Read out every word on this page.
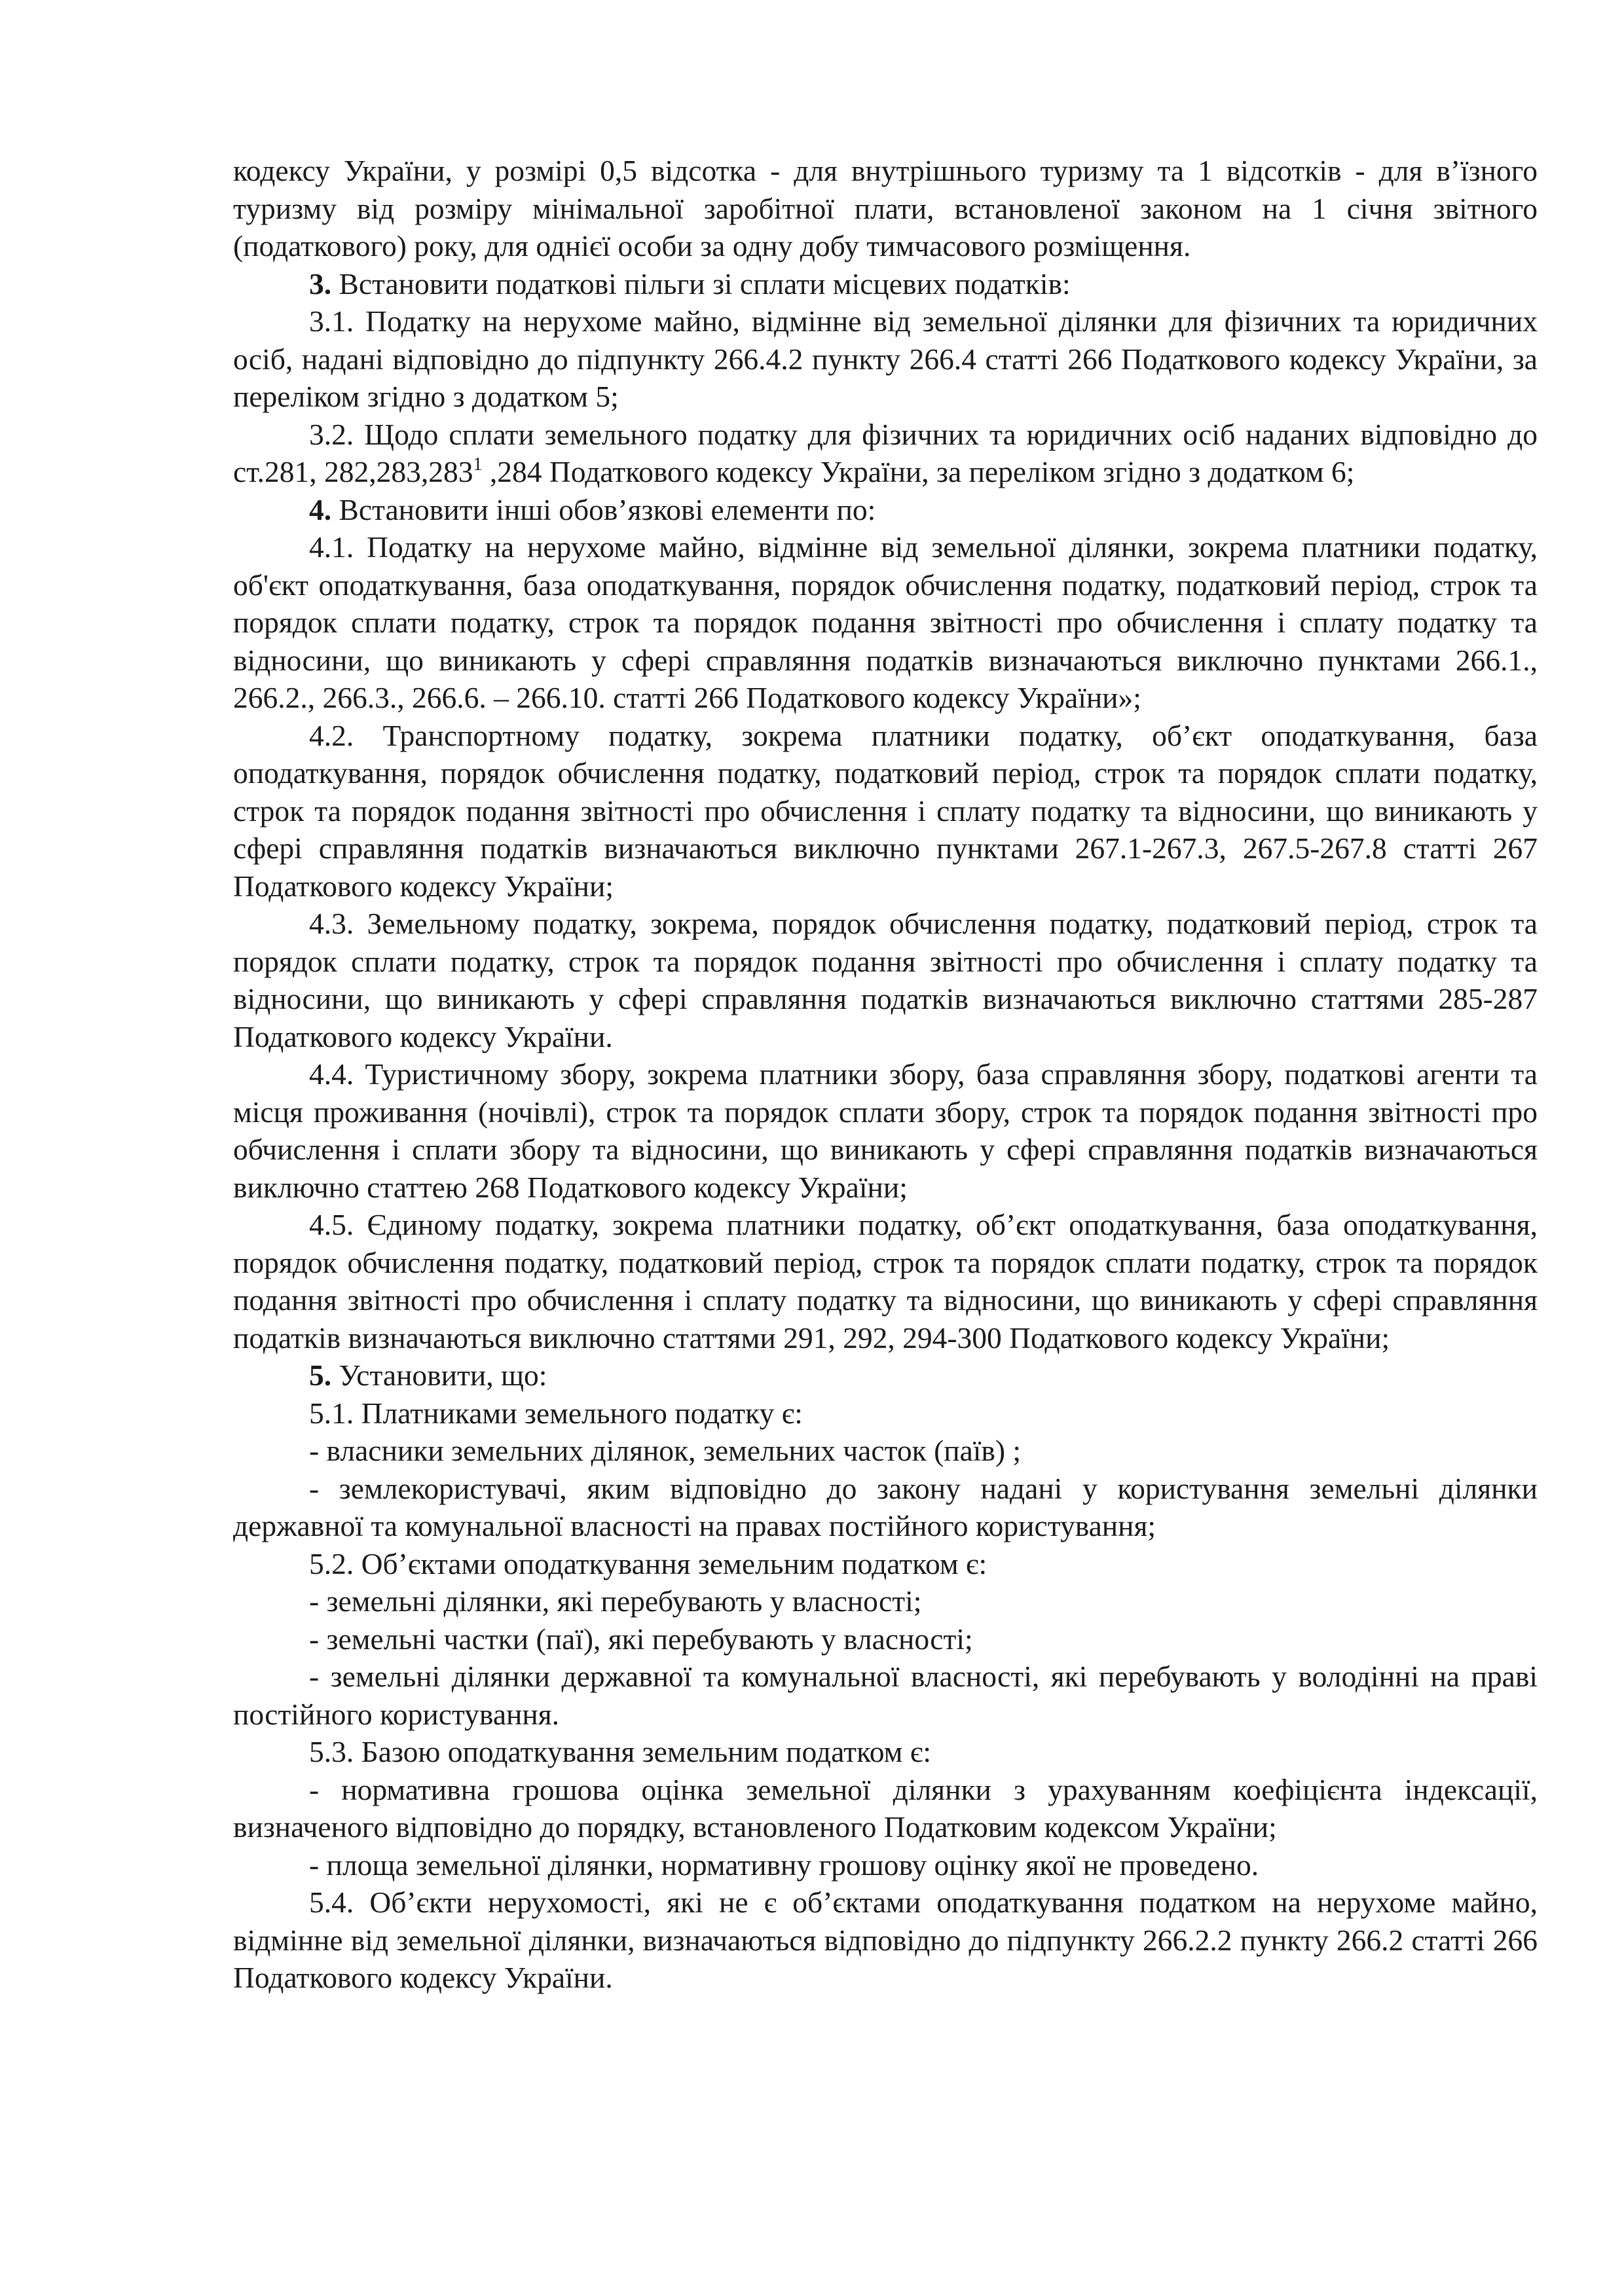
кодексу України, у розмірі 0,5 відсотка - для внутрішнього туризму та 1 відсотків - для в’їзного туризму від розміру мінімальної заробітної плати, встановленої законом на 1 січня звітного (податкового) року, для однієї особи за одну добу тимчасового розміщення.

3. Встановити податкові пільги зі сплати місцевих податків:

3.1. Податку на нерухоме майно, відмінне від земельної ділянки для фізичних та юридичних осіб, надані відповідно до підпункту 266.4.2 пункту 266.4 статті 266 Податкового кодексу України, за переліком згідно з додатком 5;

3.2. Щодо сплати земельного податку для фізичних та юридичних осіб наданих відповідно до ст.281, 282,283,283$^1$ ,284 Податкового кодексу України, за переліком згідно з додатком 6;

4. Встановити інші обов’язкові елементи по:

4.1. Податку на нерухоме майно, відмінне від земельної ділянки, зокрема платники податку, об'єкт оподаткування, база оподаткування, порядок обчислення податку, податковий період, строк та порядок сплати податку, строк та порядок подання звітності про обчислення і сплату податку та відносини, що виникають у сфері справляння податків визначаються виключно пунктами 266.1., 266.2., 266.3., 266.6. – 266.10. статті 266 Податкового кодексу України»;

4.2. Транспортному податку, зокрема платники податку, об’єкт оподаткування, база оподаткування, порядок обчислення податку, податковий період, строк та порядок сплати податку, строк та порядок подання звітності про обчислення і сплату податку та відносини, що виникають у сфері справляння податків визначаються виключно пунктами 267.1-267.3, 267.5-267.8 статті 267 Податкового кодексу України;

4.3. Земельному податку, зокрема, порядок обчислення податку, податковий період, строк та порядок сплати податку, строк та порядок подання звітності про обчислення і сплату податку та відносини, що виникають у сфері справляння податків визначаються виключно статтями 285-287 Податкового кодексу України.

4.4. Туристичному збору, зокрема платники збору, база справляння збору, податкові агенти та місця проживання (ночівлі), строк та порядок сплати збору, строк та порядок подання звітності про обчислення і сплати збору та відносини, що виникають у сфері справляння податків визначаються виключно статтею 268 Податкового кодексу України;

4.5. Єдиному податку, зокрема платники податку, об’єкт оподаткування, база оподаткування, порядок обчислення податку, податковий період, строк та порядок сплати податку, строк та порядок подання звітності про обчислення і сплату податку та відносини, що виникають у сфері справляння податків визначаються виключно статтями 291, 292, 294-300 Податкового кодексу України;

5. Установити, що:

5.1. Платниками земельного податку є:

- власники земельних ділянок, земельних часток (паїв) ;

- землекористувачі, яким відповідно до закону надані у користування земельні ділянки державної та комунальної власності на правах постійного користування;

5.2. Об’єктами оподаткування земельним податком є:

- земельні ділянки, які перебувають у власності;

- земельні частки (паї), які перебувають у власності;

- земельні ділянки державної та комунальної власності, які перебувають у володінні на праві постійного користування.

5.3. Базою оподаткування земельним податком є:

- нормативна грошова оцінка земельної ділянки з урахуванням коефіцієнта індексації, визначеного відповідно до порядку, встановленого Податковим кодексом України;

- площа земельної ділянки, нормативну грошову оцінку якої не проведено.

5.4. Об’єкти нерухомості, які не є об’єктами оподаткування податком на нерухоме майно, відмінне від земельної ділянки, визначаються відповідно до підпункту 266.2.2 пункту 266.2 статті 266 Податкового кодексу України.
